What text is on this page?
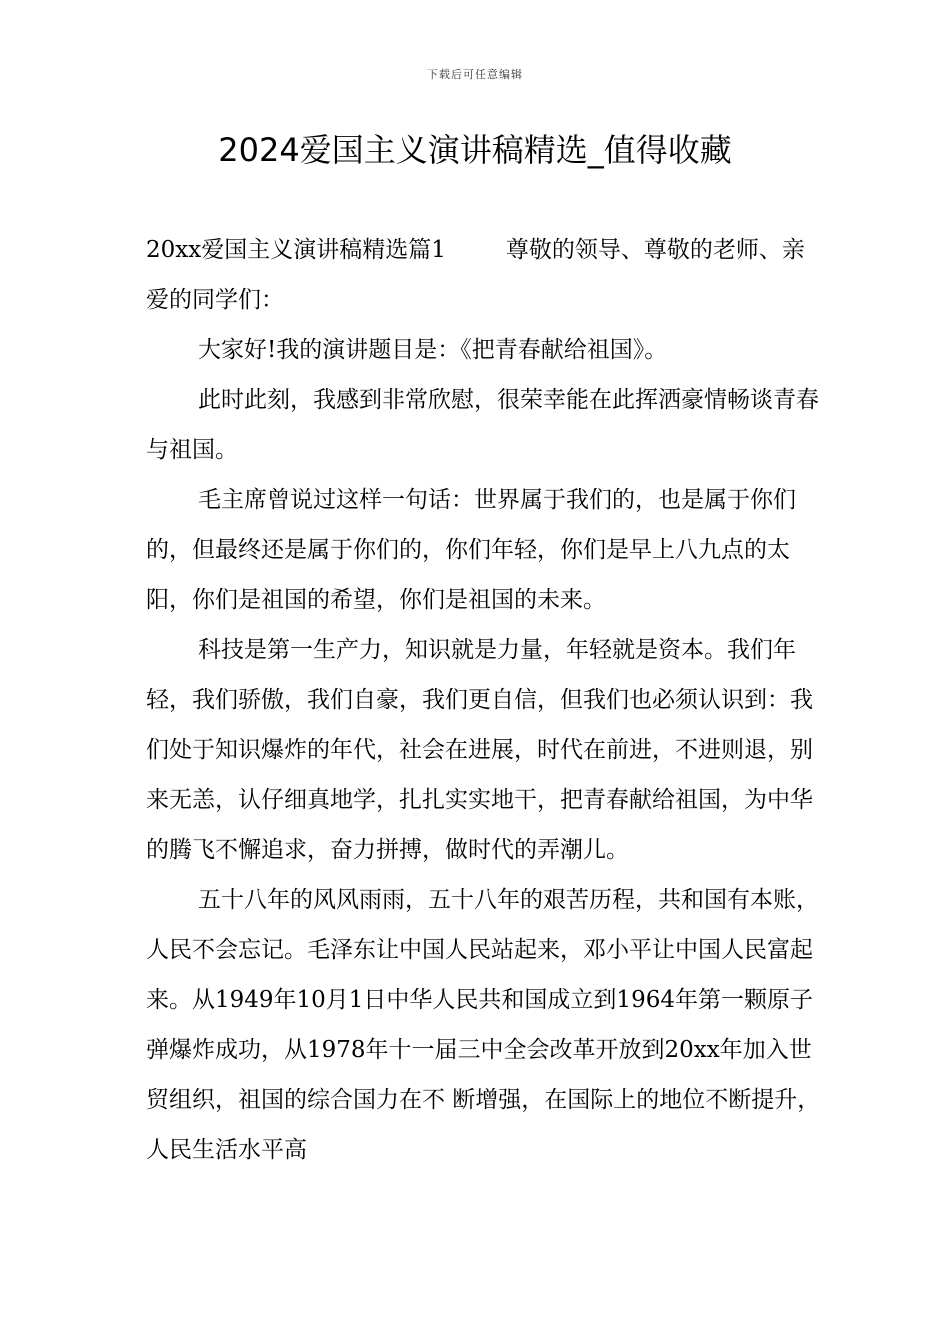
下载后可任意编辑
2024爱国主义演讲稿精选_值得收藏

20xx爱国主义演讲稿精选篇1	尊敬的领导、尊敬的老师、亲爱的同学们：

大家好!我的演讲题目是：《把青春献给祖国》。

此时此刻，我感到非常欣慰，很荣幸能在此挥洒豪情畅谈青春与祖国。

毛主席曾说过这样一句话：世界属于我们的，也是属于你们的，但最终还是属于你们的，你们年轻，你们是早上八九点的太阳，你们是祖国的希望，你们是祖国的未来。

科技是第一生产力，知识就是力量，年轻就是资本。我们年轻，我们骄傲，我们自豪，我们更自信，但我们也必须认识到：我们处于知识爆炸的年代，社会在进展，时代在前进，不进则退，别来无恙，认仔细真地学，扎扎实实地干，把青春献给祖国，为中华的腾飞不懈追求，奋力拼搏，做时代的弄潮儿。

五十八年的风风雨雨，五十八年的艰苦历程，共和国有本账，人民不会忘记。毛泽东让中国人民站起来，邓小平让中国人民富起来。从1949年10月1日中华人民共和国成立到1964年第一颗原子弹爆炸成功，从1978年十一届三中全会改革开放到20xx年加入世贸组织，祖国的综合国力在不 断增强，在国际上的地位不断提升，人民生活水平高
